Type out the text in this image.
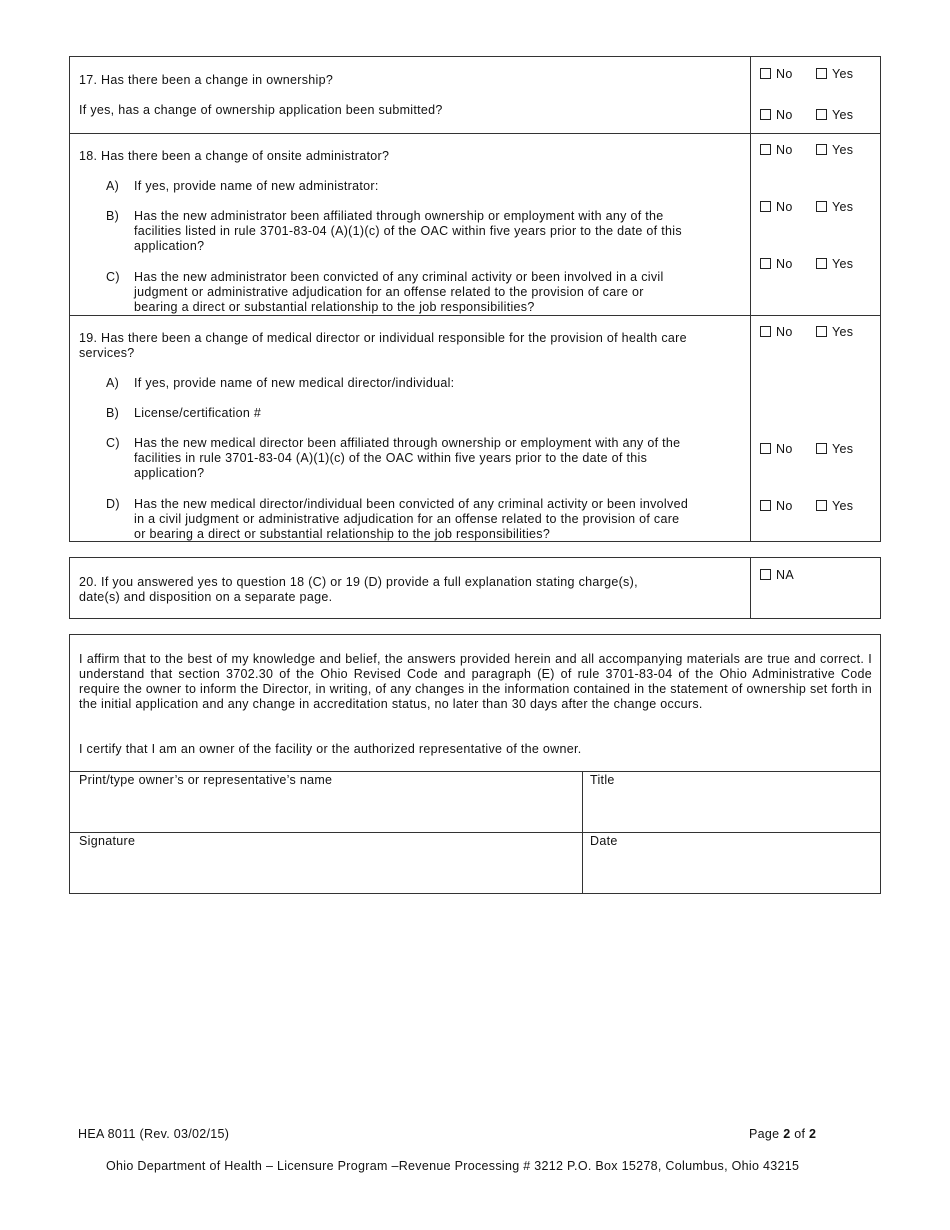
17. Has there been a change in ownership?
If yes, has a change of ownership application been submitted?
No	Yes
No	Yes
18. Has there been a change of onsite administrator?	No	Yes
A) If yes, provide name of new administrator:
B) Has the new administrator been affiliated through ownership or employment with any of the
facilities listed in rule 3701-83-04 (A)(1)(c) of the OAC within five years prior to the date of this
application?
No	Yes
C) Has the new administrator been convicted of any criminal activity or been involved in a civil
judgment or administrative adjudication for an offense related to the provision of care or
bearing a direct or substantial relationship to the job responsibilities?
No	Yes
19. Has there been a change of medical director or individual responsible for the provision of health care
services?
No	Yes
A) If yes, provide name of new medical director/individual:
B) License/certification #
C) Has the new medical director been affiliated through ownership or employment with any of the
facilities in rule 3701-83-04 (A)(1)(c) of the OAC within five years prior to the date of this
application?
No	Yes
D) Has the new medical director/individual been convicted of any criminal activity or been involved
in a civil judgment or administrative adjudication for an offense related to the provision of care
or bearing a direct or substantial relationship to the job responsibilities?
No	Yes
20. If you answered yes to question 18 (C) or 19 (D) provide a full explanation stating charge(s),
date(s) and disposition on a separate page.
NA
I affirm that to the best of my knowledge and belief, the answers provided herein and all accompanying materials are true and correct. I understand that section 3702.30 of the Ohio Revised Code and paragraph (E) of rule 3701-83-04 of the Ohio Administrative Code require the owner to inform the Director, in writing, of any changes in the information contained in the statement of ownership set forth in the initial application and any change in accreditation status, no later than 30 days after the change occurs.
I certify that I am an owner of the facility or the authorized representative of the owner.
Print/type owner’s or representative’s name	Title
Signature	Date
HEA 8011 (Rev. 03/02/15)	Page 2 of 2
Ohio Department of Health – Licensure Program –Revenue Processing # 3212 P.O. Box 15278, Columbus, Ohio 43215
